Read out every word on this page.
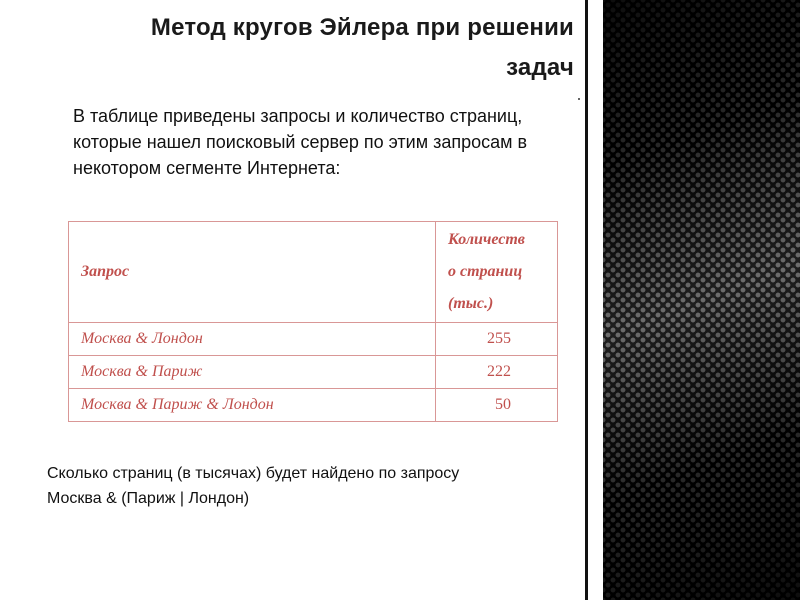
Метод кругов Эйлера при решении
задач
В таблице приведены запросы и количество страниц, которые нашел поисковый сервер по этим запросам в некотором сегменте Интернета:
Запрос	Количеств
о страниц
(тыс.)

Москва & Лондон	255
Москва & Париж	222
Москва & Париж & Лондон	50
Сколько страниц (в тысячах) будет найдено по запросу
Москва & (Париж | Лондон)
